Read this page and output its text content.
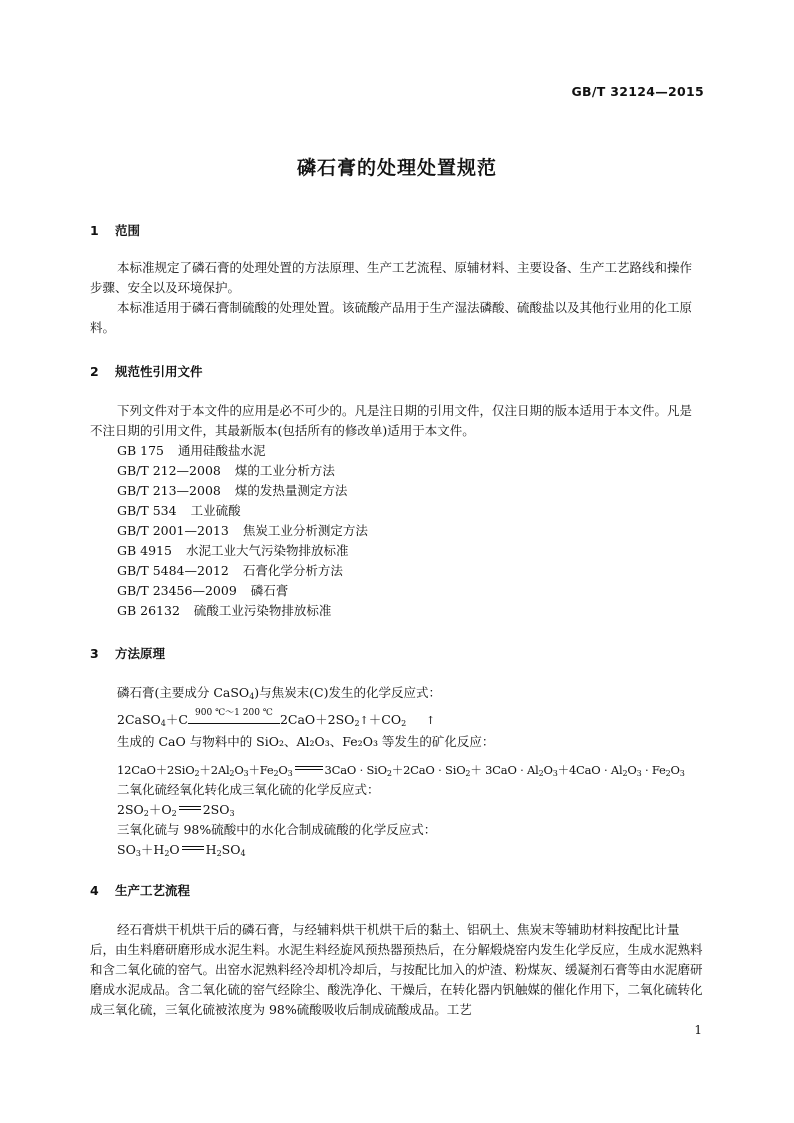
GB/T 32124—2015
磷石膏的处理处置规范
1 范围

本标准规定了磷石膏的处理处置的方法原理、生产工艺流程、原辅材料、主要设备、生产工艺路线和操作步骤、安全以及环境保护。

本标准适用于磷石膏制硫酸的处理处置。该硫酸产品用于生产湿法磷酸、硫酸盐以及其他行业用的化工原料。

2 规范性引用文件

下列文件对于本文件的应用是必不可少的。凡是注日期的引用文件，仅注日期的版本适用于本文件。凡是不注日期的引用文件，其最新版本(包括所有的修改单)适用于本文件。

GB 175 通用硅酸盐水泥
GB/T 212—2008 煤的工业分析方法
GB/T 213—2008 煤的发热量测定方法
GB/T 534 工业硫酸
GB/T 2001—2013 焦炭工业分析测定方法
GB 4915 水泥工业大气污染物排放标准
GB/T 5484—2012 石膏化学分析方法
GB/T 23456—2009 磷石膏
GB 26132 硫酸工业污染物排放标准
3 方法原理
磷石膏(主要成分 CaSO$_4$)与焦炭末(C)发生的化学反应式：
2CaSO$_4$＋C 900 ℃～1 200 ℃ $2CaO+2SO_2↑+CO_2$ ↑
生成的 CaO 与物料中的 SiO₂、Al₂O₃、Fe₂O₃ 等发生的矿化反应：
$12CaO+2SiO_2+2Al_2O_3+Fe_2O_3$	$3CaO \cdot SiO_2+2CaO \cdot SiO_2+ 3CaO \cdot Al_2O_3+4CaO \cdot Al_2O_3 \cdot Fe_2O_3$
二氧化硫经氧化转化成三氧化硫的化学反应式：
$2SO_2+O_2$ $2SO_3$
三氧化硫与 98%硫酸中的水化合制成硫酸的化学反应式：
$SO_3+H_2O$ $H_2SO_4$
4 生产工艺流程

经石膏烘干机烘干后的磷石膏，与经辅料烘干机烘干后的黏土、铝矾土、焦炭末等辅助材料按配比计量后，由生料磨研磨形成水泥生料。水泥生料经旋风预热器预热后，在分解煅烧窑内发生化学反应，生成水泥熟料和含二氧化硫的窑气。出窑水泥熟料经冷却机冷却后，与按配比加入的炉渣、粉煤灰、缓凝剂石膏等由水泥磨研磨成水泥成品。含二氧化硫的窑气经除尘、酸洗净化、干燥后，在转化器内钒触媒的催化作用下，二氧化硫转化成三氧化硫，三氧化硫被浓度为 98%硫酸吸收后制成硫酸成品。工艺

1
